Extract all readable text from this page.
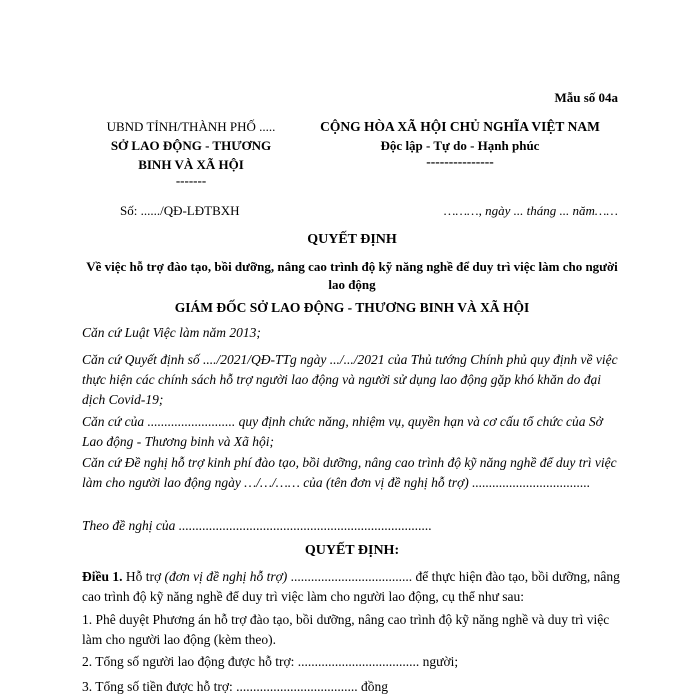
Mẫu số 04a
UBND TỈNH/THÀNH PHỐ .....
SỞ LAO ĐỘNG - THƯƠNG
BINH VÀ XÃ HỘI
-------
CỘNG HÒA XÃ HỘI CHỦ NGHĨA VIỆT NAM
Độc lập - Tự do - Hạnh phúc
---------------
Số: ....../QĐ-LĐTBXH	………, ngày ... tháng ... năm……
QUYẾT ĐỊNH
Về việc hỗ trợ đào tạo, bồi dưỡng, nâng cao trình độ kỹ năng nghề để duy trì việc làm cho người lao động
GIÁM ĐỐC SỞ LAO ĐỘNG - THƯƠNG BINH VÀ XÃ HỘI
Căn cứ Luật Việc làm năm 2013;
Căn cứ Quyết định số ..../2021/QĐ-TTg ngày .../.../2021 của Thủ tướng Chính phủ quy định về việc thực hiện các chính sách hỗ trợ người lao động và người sử dụng lao động gặp khó khăn do đại dịch Covid-19;
Căn cứ của .......................... quy định chức năng, nhiệm vụ, quyền hạn và cơ cấu tổ chức của Sở Lao động - Thương binh và Xã hội;
Căn cứ Đề nghị hỗ trợ kinh phí đào tạo, bồi dưỡng, nâng cao trình độ kỹ năng nghề để duy trì việc làm cho người lao động ngày …/…/…… của (tên đơn vị đề nghị hỗ trợ) ...................................
Theo đề nghị của ...........................................................................
QUYẾT ĐỊNH:
Điều 1. Hỗ trợ (đơn vị đề nghị hỗ trợ) .................................... để thực hiện đào tạo, bồi dưỡng, nâng cao trình độ kỹ năng nghề để duy trì việc làm cho người lao động, cụ thể như sau:
1. Phê duyệt Phương án hỗ trợ đào tạo, bồi dưỡng, nâng cao trình độ kỹ năng nghề và duy trì việc làm cho người lao động (kèm theo).
2. Tổng số người lao động được hỗ trợ: .................................... người;
3. Tổng số tiền được hỗ trợ: .................................... đồng
